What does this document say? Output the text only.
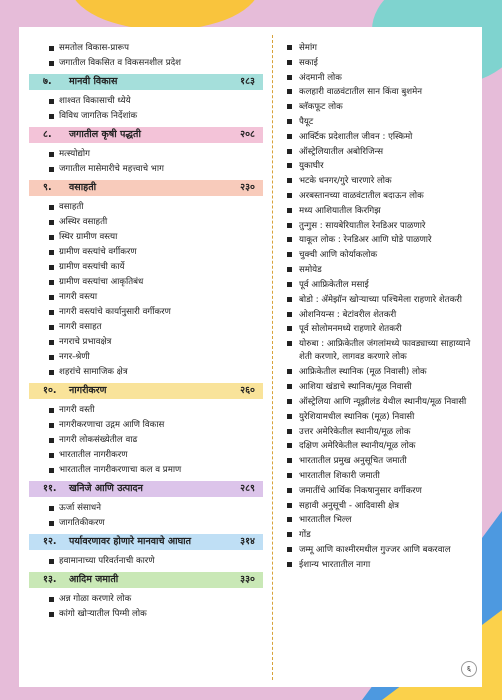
समतोल विकास-प्रारूप
जगातील विकसित व विकसनशील प्रदेश
७. मानवी विकास	१८३
शाश्वत विकासाची ध्येये
विविध जागतिक निर्देशांक
८. जगातील कृषी पद्धती	२०८
मत्स्योद्योग
जगातील मासेमारीचे महत्त्वाचे भाग
९. वसाहती	२३०
वसाहती
अस्थिर वसाहती
स्थिर ग्रामीण वस्त्या
ग्रामीण वस्त्यांचे वर्गीकरण
ग्रामीण वस्त्यांची कार्ये
ग्रामीण वस्त्यांचा आकृतिबंध
नागरी वस्त्या
नागरी वस्त्यांचे कार्यानुसारी वर्गीकरण
नागरी वसाहत
नगराचे प्रभावक्षेत्र
नगर-श्रेणी
शहरांचे सामाजिक क्षेत्र
१०. नागरीकरण	२६०
नागरी वस्ती
नागरीकरणाचा उद्गम आणि विकास
नागरी लोकसंख्येतील वाढ
भारतातील नागरीकरण
भारतातील नागरीकरणाचा कल व प्रमाण
११. खनिजे आणि उत्पादन	२८९
ऊर्जा संसाधने
जागतिकीकरण
१२. पर्यावरणावर होणारे मानवाचे आघात	३१४
हवामानाच्या परिवर्तनाची कारणे
१३. आदिम जमाती	३३०
अन्न गोळा करणारे लोक
कांगो खोऱ्यातील पिग्मी लोक
सेमांग
सकाई
अंदमानी लोक
कलहारी वाळवंटातील सान किंवा बुशमेन
ब्लॅकफूट लोक
पैयूट
आर्क्टिक प्रदेशातील जीवन : एस्किमो
ऑस्ट्रेलियातील अबोरिजिन्स
युकाघीर
भटके धनगर/गुरे चारणारे लोक
अरबस्तानच्या वाळवंटातील बदाऊन लोक
मध्य आशियातील किरगिझ
तुन्गुस : सायबेरियातील रेनडिअर पाळणारे
याकूत लोक : रेनडिअर आणि घोडे पाळणारे
चुक्ची आणि कोर्याकलोक
समोयेड
पूर्व आफ्रिकेतील मसाई
बोडो : ॲमेझॉन खोऱ्याच्या पश्चिमेला राहणारे शेतकरी
ओशनियन्स : बेटांवरील शेतकरी
पूर्व सोलोमनमध्ये राहणारे शेतकरी
योरुबा : आफ्रिकेतील जंगलांमध्ये फावड्याच्या साहाय्याने शेती करणारे, लागवड करणारे लोक
आफ्रिकेतील स्थानिक (मूळ निवासी) लोक
आशिया खंडाचे स्थानिक/मूळ निवासी
ऑस्ट्रेलिया आणि न्यूझीलंड येथील स्थानीय/मूळ निवासी
युरेशियामधील स्थानिक (मूळ) निवासी
उत्तर अमेरिकेतील स्थानीय/मूळ लोक
दक्षिण अमेरिकेतील स्थानीय/मूळ लोक
भारतातील प्रमुख अनुसूचित जमाती
भारतातील शिकारी जमाती
जमातींचे आर्थिक निकषानुसार वर्गीकरण
सहावी अनुसूची - आदिवासी क्षेत्र
भारतातील भिल्ल
गोंड
जम्मू आणि काश्मीरमधील गुज्जर आणि बकरवाल
ईशान्य भारतातील नागा
६
